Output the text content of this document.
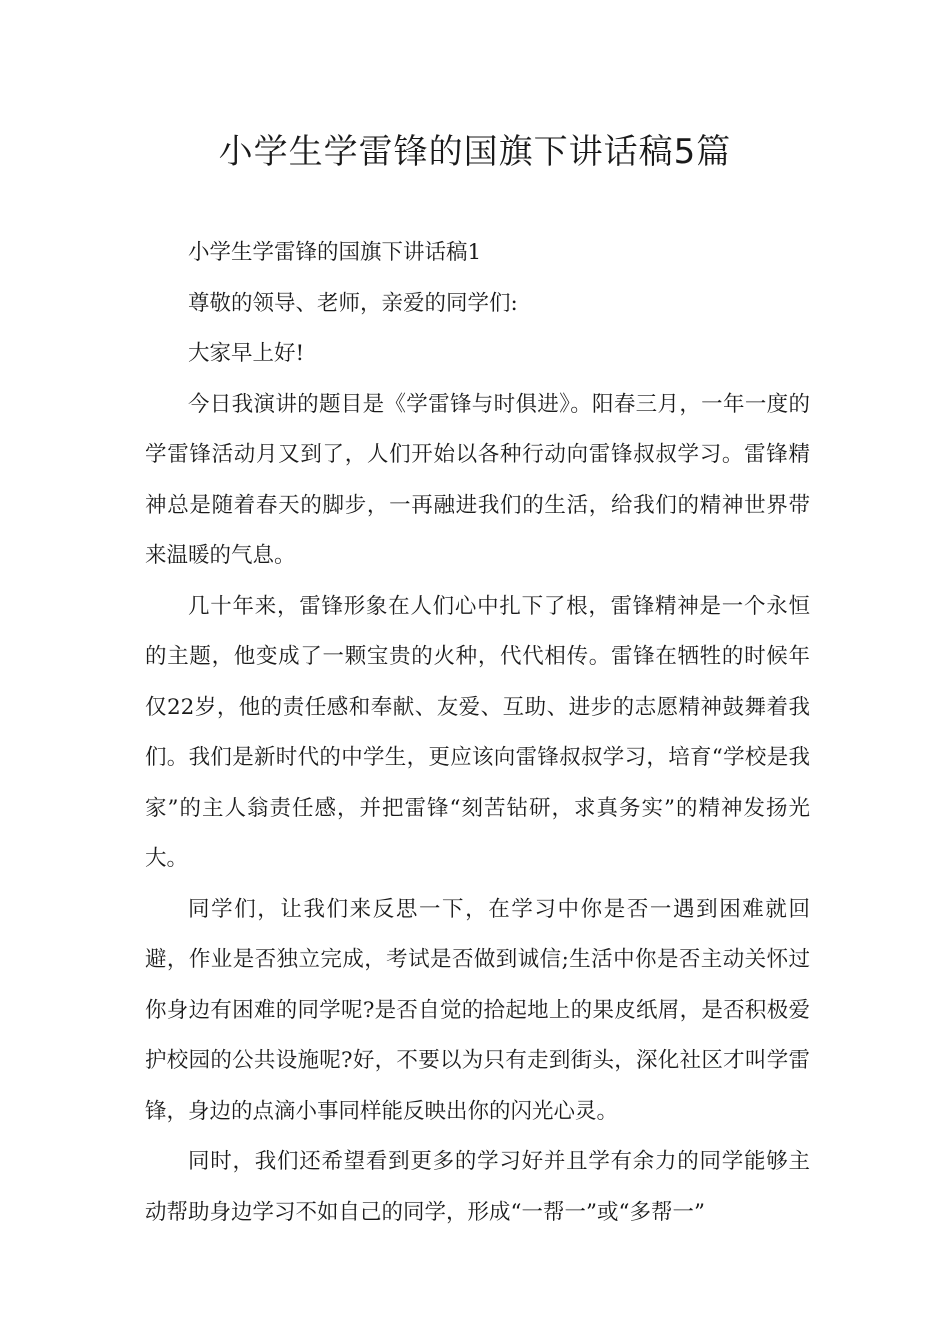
小学生学雷锋的国旗下讲话稿5篇

小学生学雷锋的国旗下讲话稿1

尊敬的领导、老师，亲爱的同学们:

大家早上好!

今日我演讲的题目是《学雷锋与时俱进》。阳春三月，一年一度的学雷锋活动月又到了，人们开始以各种行动向雷锋叔叔学习。雷锋精神总是随着春天的脚步，一再融进我们的生活，给我们的精神世界带来温暖的气息。

几十年来，雷锋形象在人们心中扎下了根，雷锋精神是一个永恒的主题，他变成了一颗宝贵的火种，代代相传。雷锋在牺牲的时候年仅22岁，他的责任感和奉献、友爱、互助、进步的志愿精神鼓舞着我们。我们是新时代的中学生，更应该向雷锋叔叔学习，培育“学校是我家”的主人翁责任感，并把雷锋“刻苦钻研，求真务实”的精神发扬光大。

同学们，让我们来反思一下，在学习中你是否一遇到困难就回避，作业是否独立完成，考试是否做到诚信;生活中你是否主动关怀过你身边有困难的同学呢?是否自觉的拾起地上的果皮纸屑，是否积极爱护校园的公共设施呢?好，不要以为只有走到街头，深化社区才叫学雷锋，身边的点滴小事同样能反映出你的闪光心灵。

同时，我们还希望看到更多的学习好并且学有余力的同学能够主动帮助身边学习不如自己的同学，形成“一帮一”或“多帮一”
